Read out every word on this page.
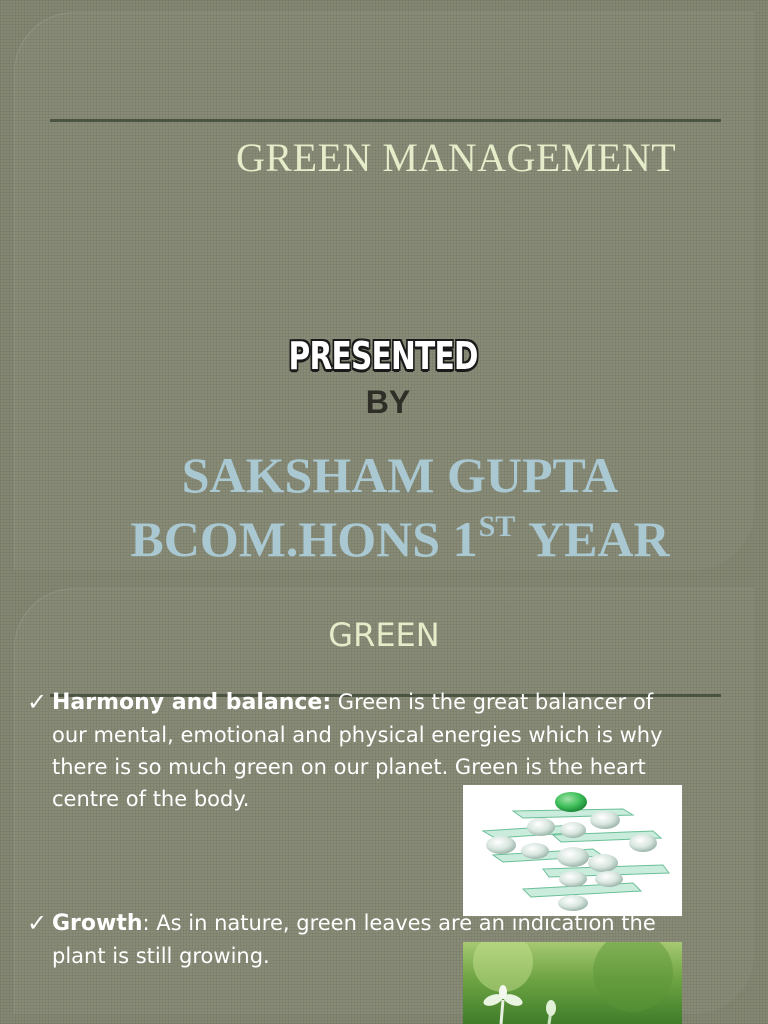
GREEN MANAGEMENT
PRESENTED
BY
SAKSHAM GUPTA
BCOM.HONS 1ST YEAR
GREEN
✓ Harmony and balance: Green is the great balancer of
our mental, emotional and physical energies which is why
there is so much green on our planet. Green is the heart
centre of the body.
✓ Growth: As in nature, green leaves are an indication the
plant is still growing.
